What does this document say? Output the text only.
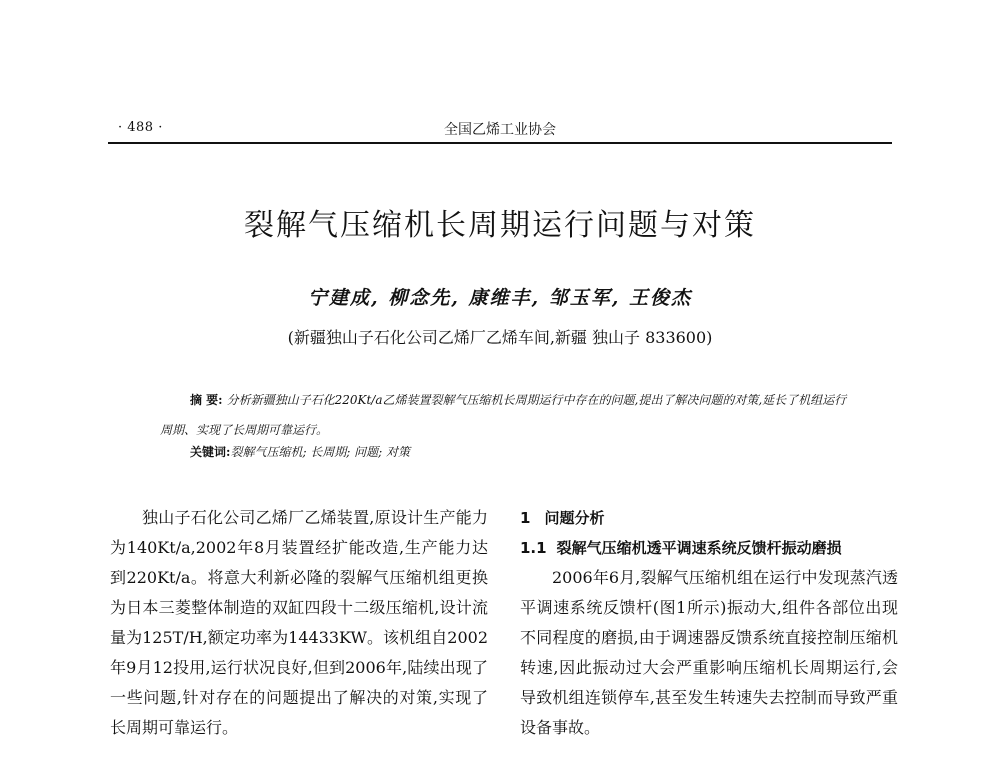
· 488 ·	全国乙烯工业协会
裂解气压缩机长周期运行问题与对策
宁建成, 柳念先, 康维丰, 邹玉军, 王俊杰
(新疆独山子石化公司乙烯厂乙烯车间,新疆 独山子 833600)
摘 要: 分析新疆独山子石化220Kt/a乙烯装置裂解气压缩机长周期运行中存在的问题,提出了解决问题的对策,延长了机组运行周期、实现了长周期可靠运行。
关键词:裂解气压缩机; 长周期; 问题; 对策

独山子石化公司乙烯厂乙烯装置,原设计生产能力为140Kt/a,2002年8月装置经扩能改造,生产能力达到220Kt/a。将意大利新必隆的裂解气压缩机组更换为日本三菱整体制造的双缸四段十二级压缩机,设计流量为125T/H,额定功率为14433KW。该机组自2002年9月12投用,运行状况良好,但到2006年,陆续出现了一些问题,针对存在的问题提出了解决的对策,实现了长周期可靠运行。

1 问题分析

1.1 裂解气压缩机透平调速系统反馈杆振动磨损

2006年6月,裂解气压缩机组在运行中发现蒸汽透平调速系统反馈杆(图1所示)振动大,组件各部位出现不同程度的磨损,由于调速器反馈系统直接控制压缩机转速,因此振动过大会严重影响压缩机长周期运行,会导致机组连锁停车,甚至发生转速失去控制而导致严重设备事故。
